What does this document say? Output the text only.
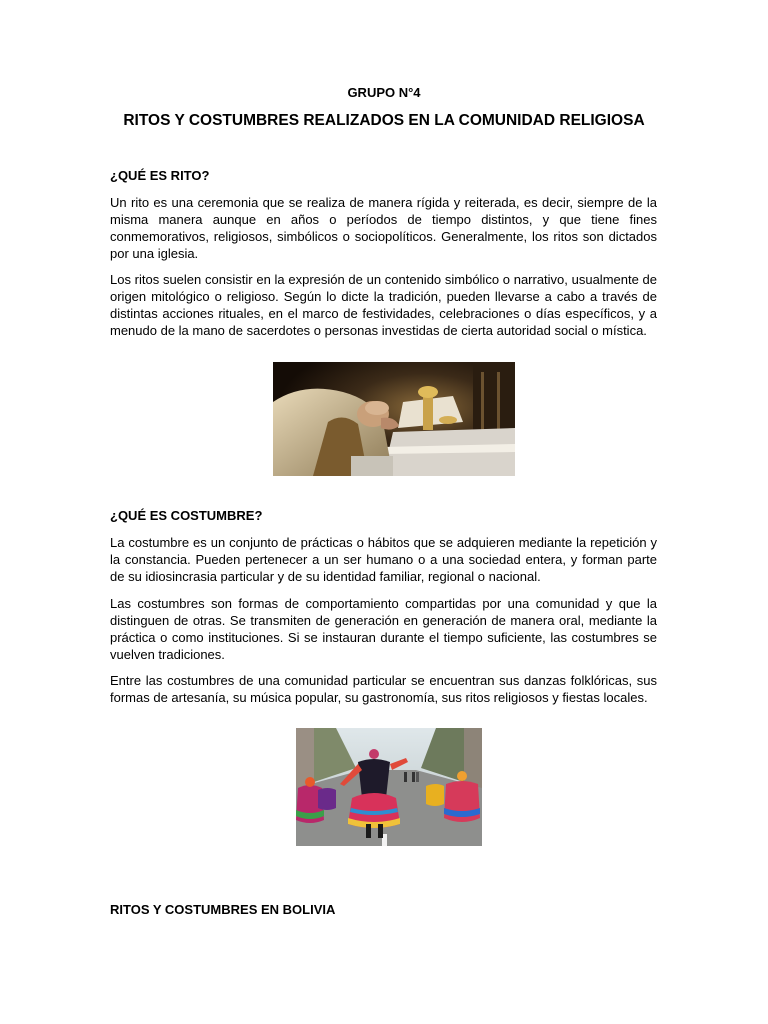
GRUPO N°4
RITOS Y COSTUMBRES REALIZADOS EN LA COMUNIDAD RELIGIOSA
¿QUÉ ES RITO?

Un rito es una ceremonia que se realiza de manera rígida y reiterada, es decir, siempre de la misma manera aunque en años o períodos de tiempo distintos, y que tiene fines conmemorativos, religiosos, simbólicos o sociopolíticos. Generalmente, los ritos son dictados por una iglesia.

Los ritos suelen consistir en la expresión de un contenido simbólico o narrativo, usualmente de origen mitológico o religioso. Según lo dicte la tradición, pueden llevarse a cabo a través de distintas acciones rituales, en el marco de festividades, celebraciones o días específicos, y a menudo de la mano de sacerdotes o personas investidas de cierta autoridad social o mística.

¿QUÉ ES COSTUMBRE?

La costumbre es un conjunto de prácticas o hábitos que se adquieren mediante la repetición y la constancia. Pueden pertenecer a un ser humano o a una sociedad entera, y forman parte de su idiosincrasia particular y de su identidad familiar, regional o nacional.

Las costumbres son formas de comportamiento compartidas por una comunidad y que la distinguen de otras. Se transmiten de generación en generación de manera oral, mediante la práctica o como instituciones. Si se instauran durante el tiempo suficiente, las costumbres se vuelven tradiciones.

Entre las costumbres de una comunidad particular se encuentran sus danzas folklóricas, sus formas de artesanía, su música popular, su gastronomía, sus ritos religiosos y fiestas locales.

RITOS Y COSTUMBRES EN BOLIVIA
